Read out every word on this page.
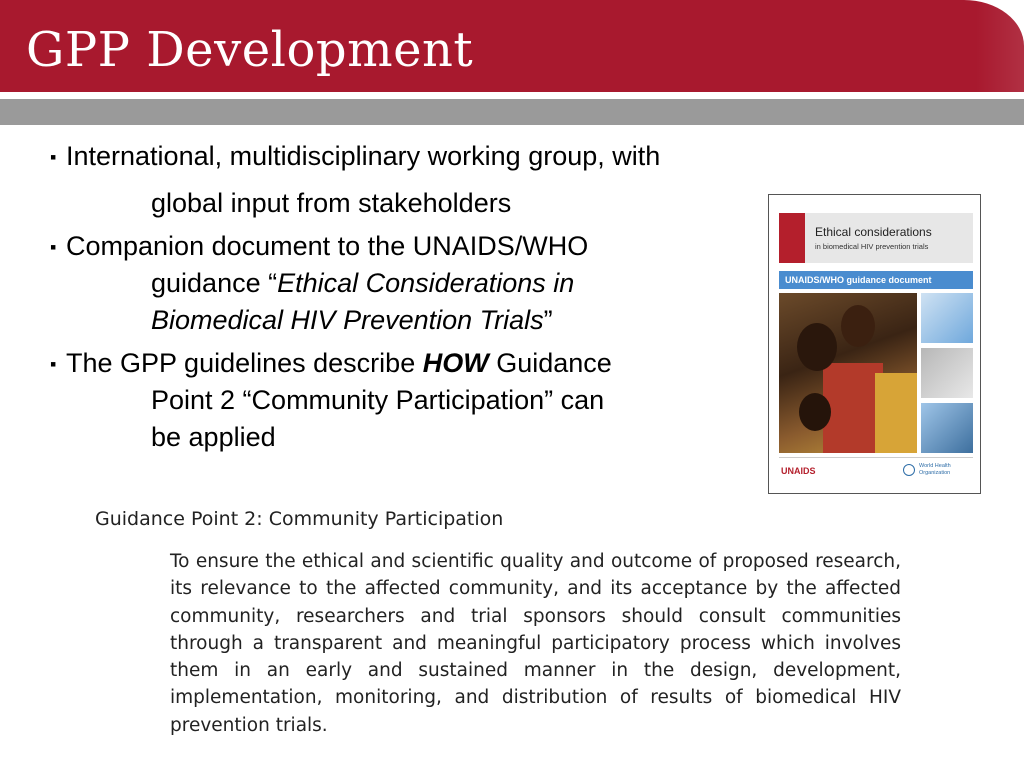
GPP Development
▪ International, multidisciplinary working group, with
global input from stakeholders
▪ Companion document to the UNAIDS/WHO
guidance “Ethical Considerations in
Biomedical HIV Prevention Trials”
▪ The GPP guidelines describe HOW Guidance
Point 2 “Community Participation” can
be applied
Ethical considerations
in biomedical HIV prevention trials
UNAIDS/WHO guidance document
UNAIDS	World Health Organization
Guidance Point 2: Community Participation

To ensure the ethical and scientific quality and outcome of proposed research, its relevance to the affected community, and its acceptance by the affected community, researchers and trial sponsors should consult communities through a transparent and meaningful participatory process which involves them in an early and sustained manner in the design, development, implementation, monitoring, and distribution of results of biomedical HIV prevention trials.
